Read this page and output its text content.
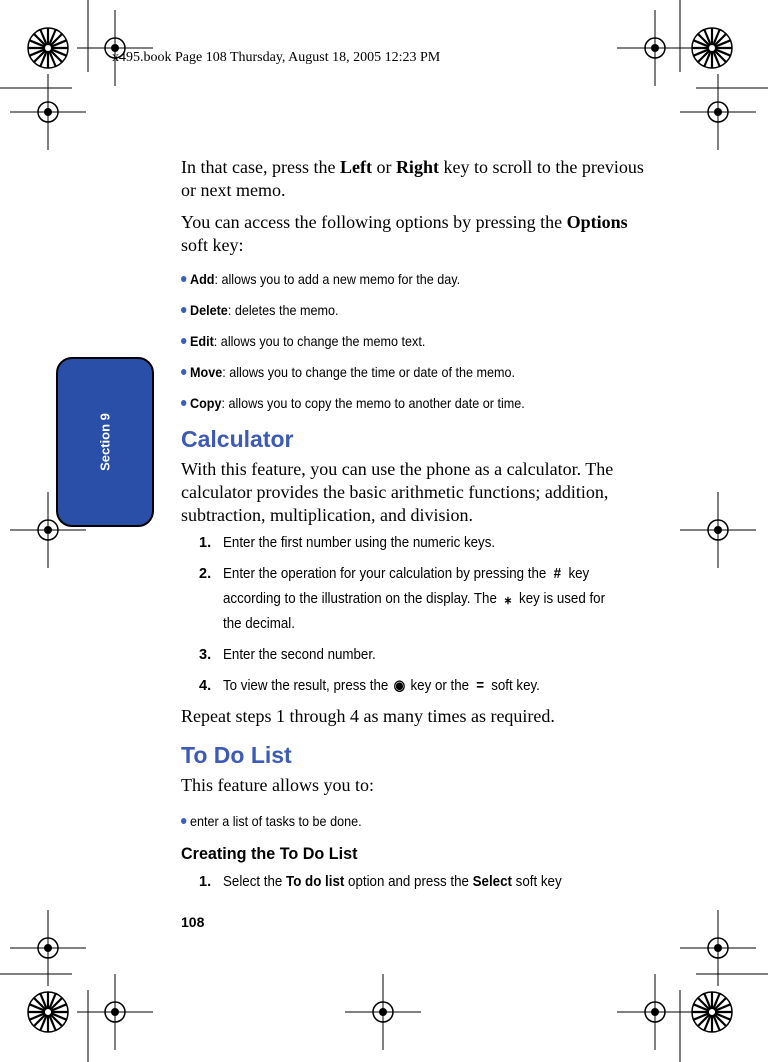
x495.book Page 108 Thursday, August 18, 2005 12:23 PM
Section 9

In that case, press the Left or Right key to scroll to the previous or next memo.

You can access the following options by pressing the Options soft key:

Add: allows you to add a new memo for the day.
Delete: deletes the memo.
Edit: allows you to change the memo text.
Move: allows you to change the time or date of the memo.
Copy: allows you to copy the memo to another date or time.
Calculator

With this feature, you can use the phone as a calculator. The calculator provides the basic arithmetic functions; addition, subtraction, multiplication, and division.

1. Enter the first number using the numeric keys.
2. Enter the operation for your calculation by pressing the # key according to the illustration on the display. The ⁎ key is used for the decimal.
3. Enter the second number.
4. To view the result, press the ◉ key or the = soft key.

Repeat steps 1 through 4 as many times as required.

To Do List

This feature allows you to:

enter a list of tasks to be done.
Creating the To Do List
1. Select the To do list option and press the Select soft key
108
